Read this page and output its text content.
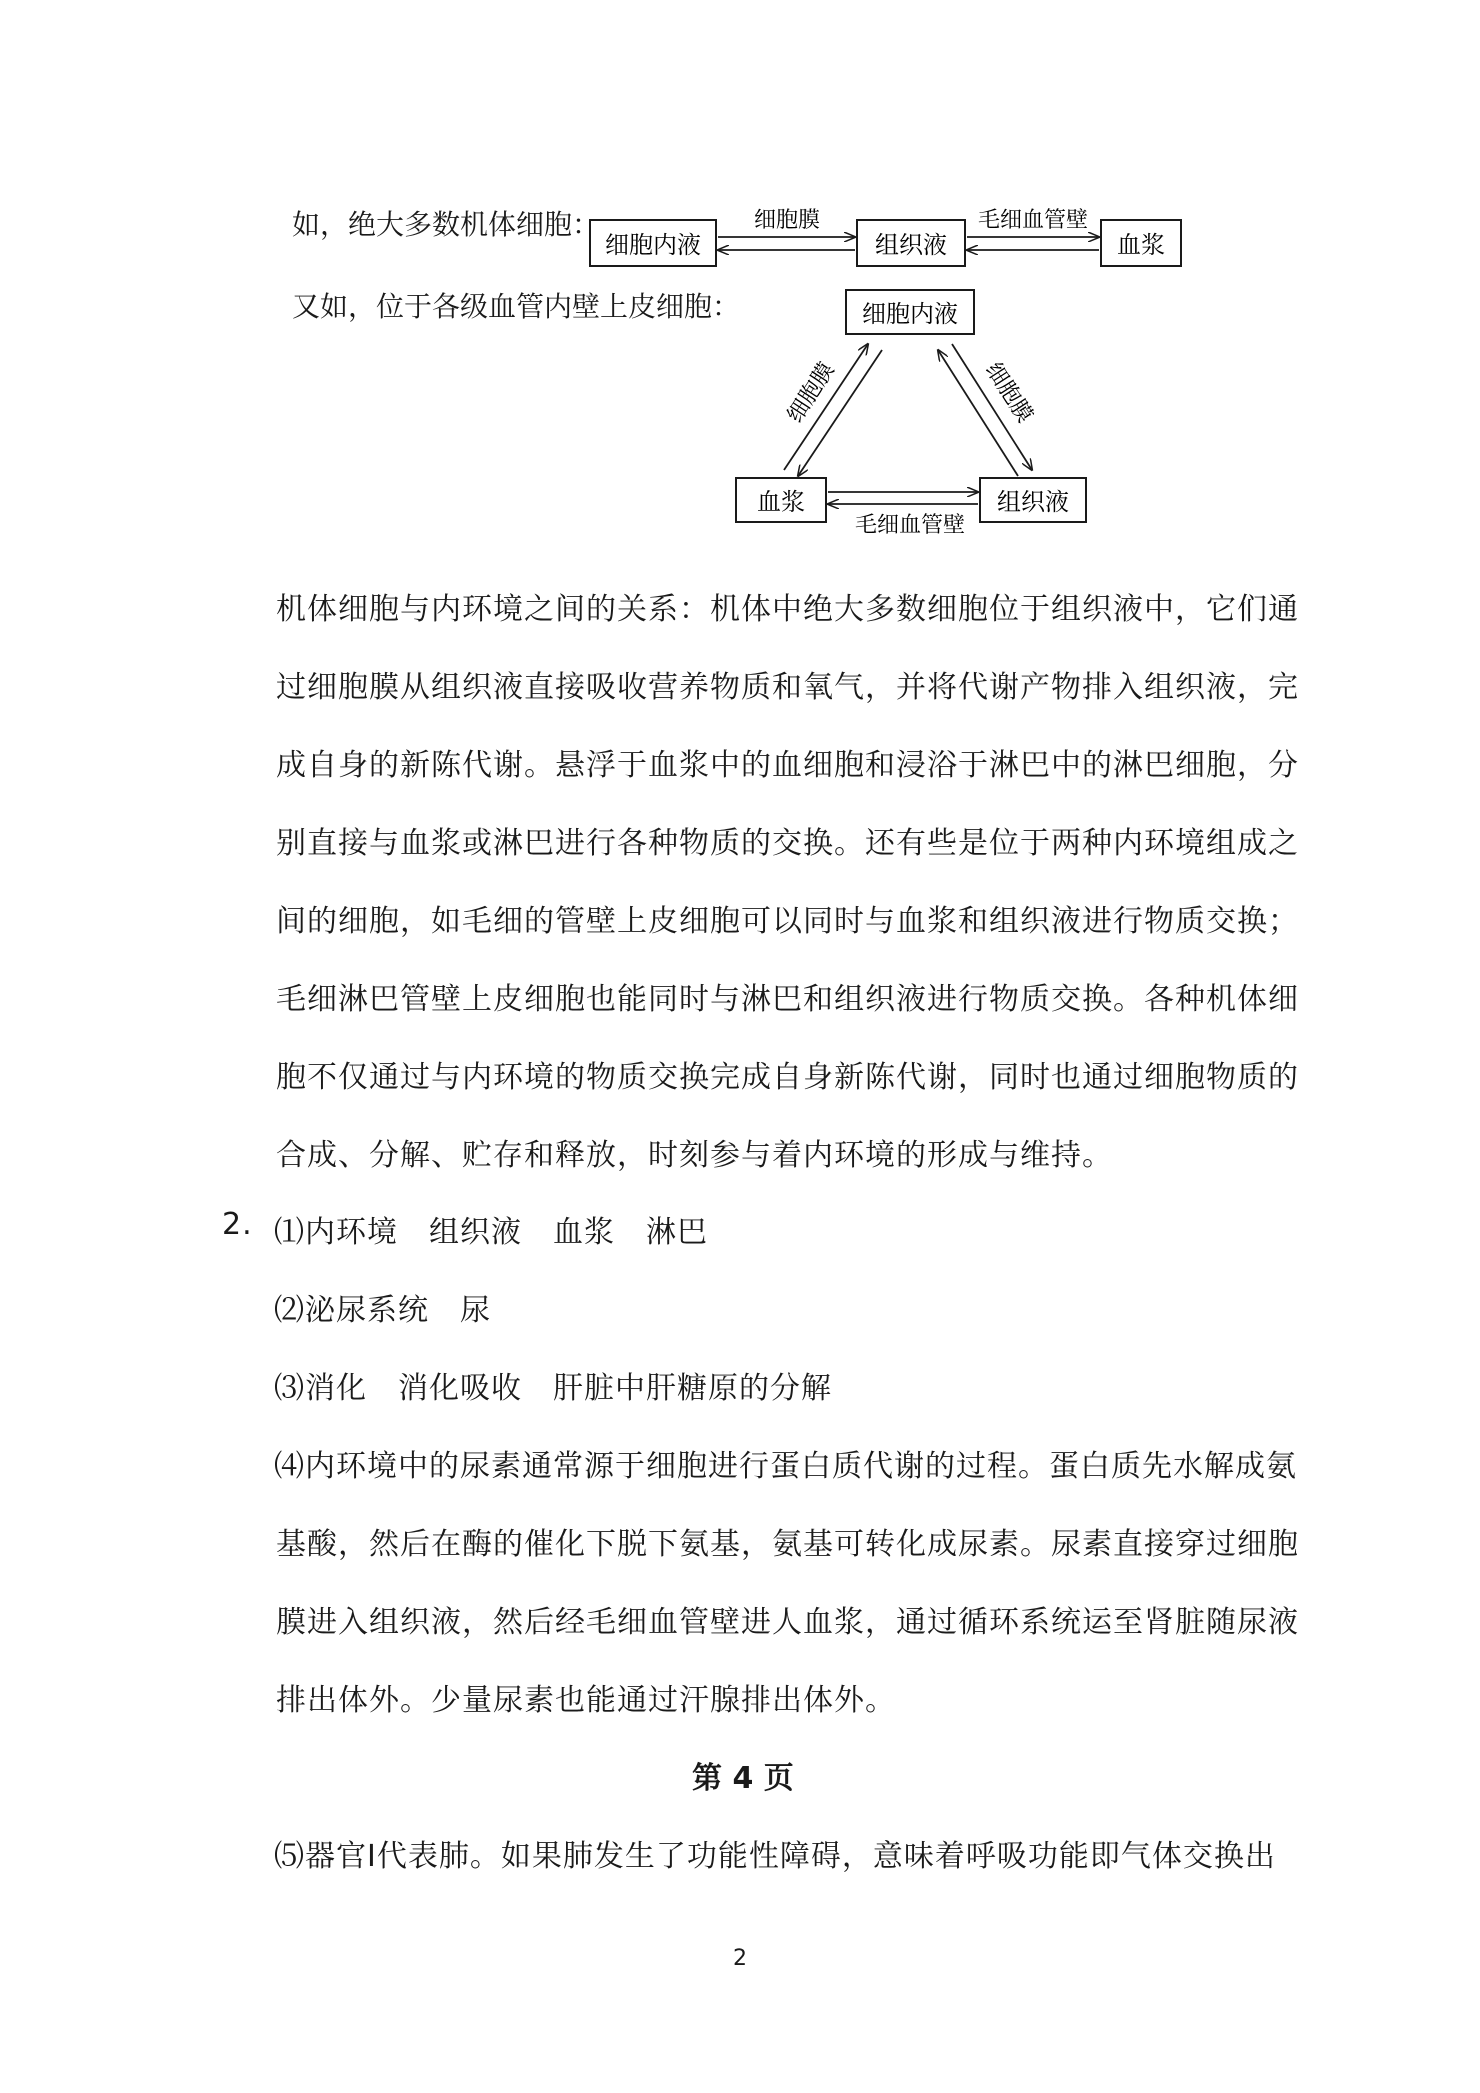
如，绝大多数机体细胞：
细胞内液	组织液	血浆
细胞膜	毛细血管壁
细胞内液
血浆	组织液
细胞膜	细胞膜
毛细血管壁
又如，位于各级血管内壁上皮细胞：
机体细胞与内环境之间的关系：机体中绝大多数细胞位于组织液中，它们通
过细胞膜从组织液直接吸收营养物质和氧气，并将代谢产物排入组织液，完
成自身的新陈代谢。悬浮于血浆中的血细胞和浸浴于淋巴中的淋巴细胞，分
别直接与血浆或淋巴进行各种物质的交换。还有些是位于两种内环境组成之
间的细胞，如毛细的管壁上皮细胞可以同时与血浆和组织液进行物质交换；
毛细淋巴管壁上皮细胞也能同时与淋巴和组织液进行物质交换。各种机体细
胞不仅通过与内环境的物质交换完成自身新陈代谢，同时也通过细胞物质的
合成、分解、贮存和释放，时刻参与着内环境的形成与维持。
2. ⑴内环境　组织液　血浆　淋巴
⑵泌尿系统　尿
⑶消化　消化吸收　肝脏中肝糖原的分解
⑷内环境中的尿素通常源于细胞进行蛋白质代谢的过程。蛋白质先水解成氨
基酸，然后在酶的催化下脱下氨基，氨基可转化成尿素。尿素直接穿过细胞
膜进入组织液，然后经毛细血管壁进人血浆，通过循环系统运至肾脏随尿液
排出体外。少量尿素也能通过汗腺排出体外。
第 4 页
⑸器官Ⅰ代表肺。如果肺发生了功能性障碍，意味着呼吸功能即气体交换出
2
